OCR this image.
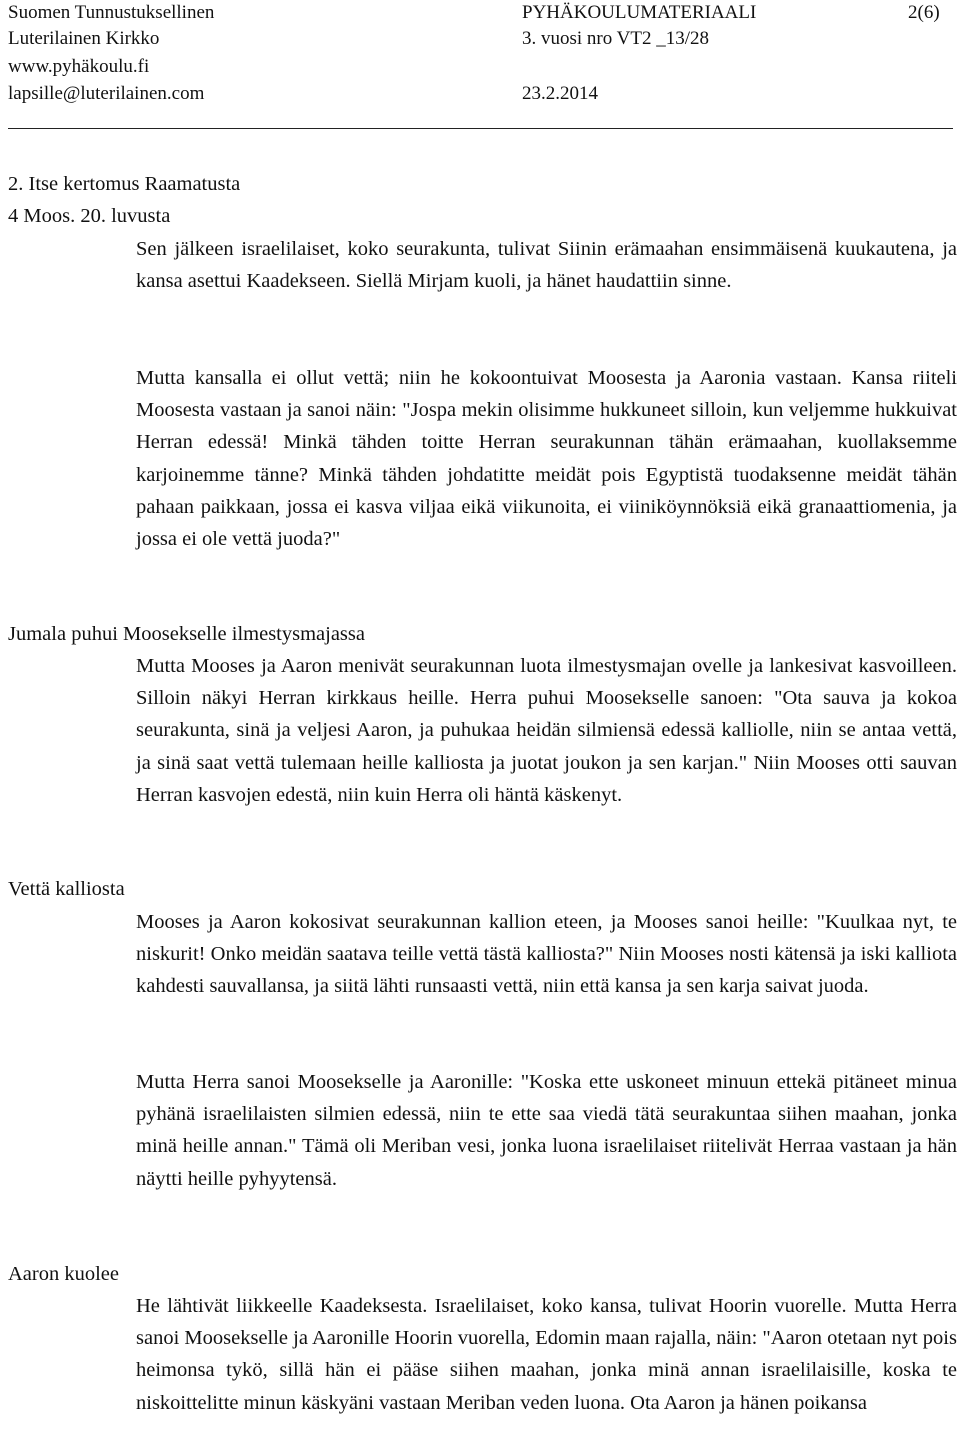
Suomen Tunnustuksellinen
Luterilainen Kirkko
www.pyhäkoulu.fi
lapsille@luterilainen.com
PYHÄKOULUMATERIAALI
3. vuosi nro VT2 _13/28
23.2.2014
2(6)
2. Itse kertomus Raamatusta
4 Moos. 20. luvusta

Sen jälkeen israelilaiset, koko seurakunta, tulivat Siinin erämaahan ensimmäisenä kuukautena, ja kansa asettui Kaadekseen. Siellä Mirjam kuoli, ja hänet haudattiin sinne.

Mutta kansalla ei ollut vettä; niin he kokoontuivat Moosesta ja Aaronia vastaan. Kansa riiteli Moosesta vastaan ja sanoi näin: "Jospa mekin olisimme hukkuneet silloin, kun veljemme hukkuivat Herran edessä! Minkä tähden toitte Herran seurakunnan tähän erämaahan, kuollaksemme karjoinemme tänne? Minkä tähden johdatitte meidät pois Egyptistä tuodaksenne meidät tähän pahaan paikkaan, jossa ei kasva viljaa eikä viikunoita, ei viiniköynnöksiä eikä granaattiomenia, ja jossa ei ole vettä juoda?"

Jumala puhui Moosekselle ilmestysmajassa

Mutta Mooses ja Aaron menivät seurakunnan luota ilmestysmajan ovelle ja lankesivat kasvoilleen. Silloin näkyi Herran kirkkaus heille. Herra puhui Moosekselle sanoen: "Ota sauva ja kokoa seurakunta, sinä ja veljesi Aaron, ja puhukaa heidän silmiensä edessä kalliolle, niin se antaa vettä, ja sinä saat vettä tulemaan heille kalliosta ja juotat joukon ja sen karjan." Niin Mooses otti sauvan Herran kasvojen edestä, niin kuin Herra oli häntä käskenyt.

Vettä kalliosta

Mooses ja Aaron kokosivat seurakunnan kallion eteen, ja Mooses sanoi heille: "Kuulkaa nyt, te niskurit! Onko meidän saatava teille vettä tästä kalliosta?" Niin Mooses nosti kätensä ja iski kalliota kahdesti sauvallansa, ja siitä lähti runsaasti vettä, niin että kansa ja sen karja saivat juoda.

Mutta Herra sanoi Moosekselle ja Aaronille: "Koska ette uskoneet minuun ettekä pitäneet minua pyhänä israelilaisten silmien edessä, niin te ette saa viedä tätä seurakuntaa siihen maahan, jonka minä heille annan." Tämä oli Meriban vesi, jonka luona israelilaiset riitelivät Herraa vastaan ja hän näytti heille pyhyytensä.

Aaron kuolee

He lähtivät liikkeelle Kaadeksesta. Israelilaiset, koko kansa, tulivat Hoorin vuorelle. Mutta Herra sanoi Moosekselle ja Aaronille Hoorin vuorella, Edomin maan rajalla, näin: "Aaron otetaan nyt pois heimonsa tykö, sillä hän ei pääse siihen maahan, jonka minä annan israelilaisille, koska te niskoittelitte minun käskyäni vastaan Meriban veden luona. Ota Aaron ja hänen poikansa
